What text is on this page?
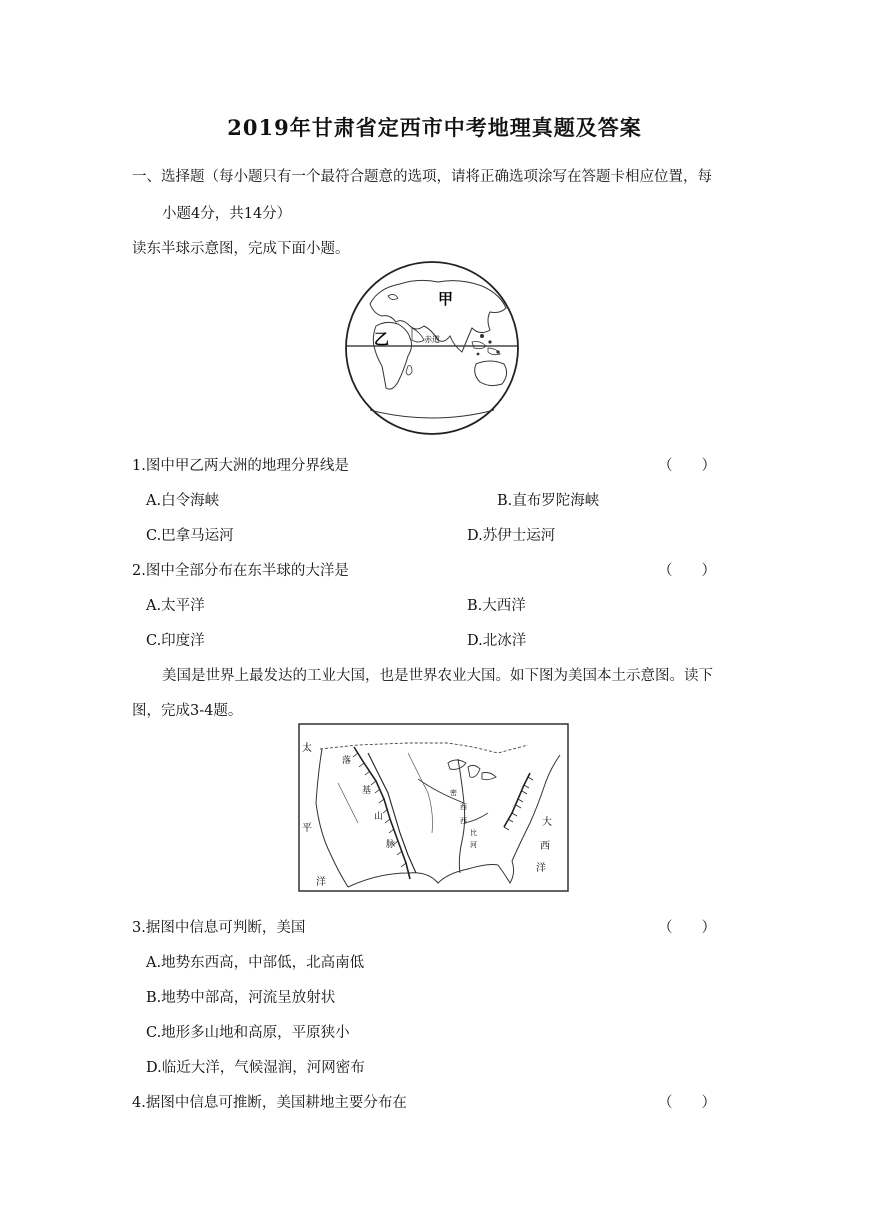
2019年甘肃省定西市中考地理真题及答案
一、选择题（每小题只有一个最符合题意的选项，请将正确选项涂写在答题卡相应位置，每
小题4分，共14分）
读东半球示意图，完成下面小题。
甲
乙	赤道
1.图中甲乙两大洲的地理分界线是	（　　）
A.白令海峡	B.直布罗陀海峡
C.巴拿马运河	D.苏伊士运河
2.图中全部分布在东半球的大洋是	（　　）
A.太平洋	B.大西洋
C.印度洋	D.北冰洋
美国是世界上最发达的工业大国，也是世界农业大国。如下图为美国本土示意图。读下
图，完成3-4题。
太
平
洋
大
西
洋
落
基
山
脉
密
西
西
比
河
3.据图中信息可判断，美国	（　　）
A.地势东西高，中部低，北高南低
B.地势中部高，河流呈放射状
C.地形多山地和高原，平原狭小
D.临近大洋，气候湿润，河网密布
4.据图中信息可推断，美国耕地主要分布在	（　　）
